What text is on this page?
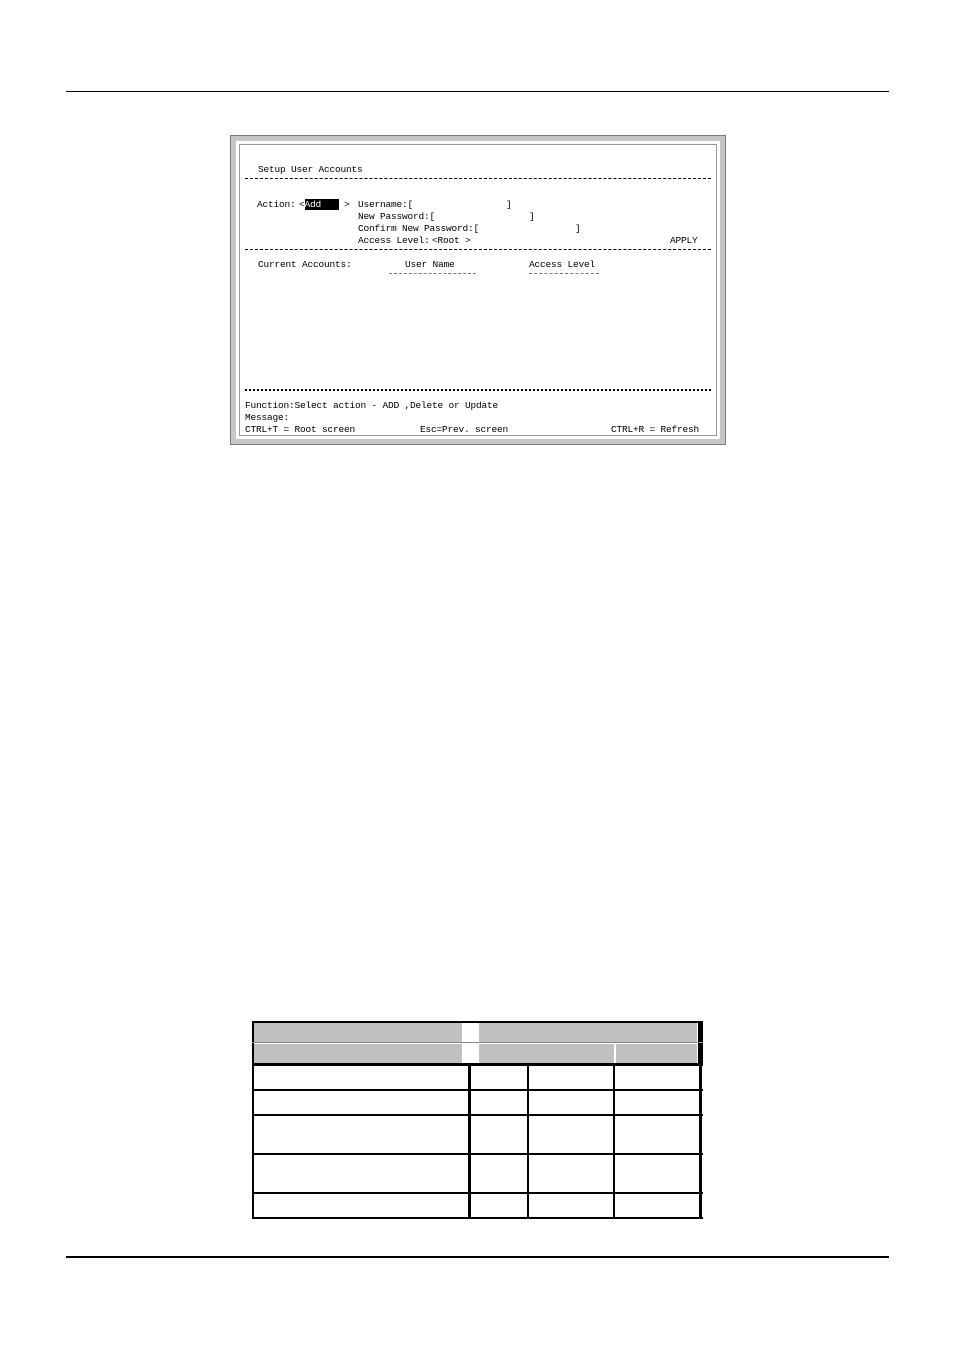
Setup User Accounts
Action: <Add > Username:[	]
New Password:[	]
Confirm New Password:[	]
Access Level: <Root >	APPLY
Current Accounts:	User Name	Access Level
Function:Select action - ADD ,Delete or Update
Message:
CTRL+T = Root screen	Esc=Prev. screen	CTRL+R = Refresh
